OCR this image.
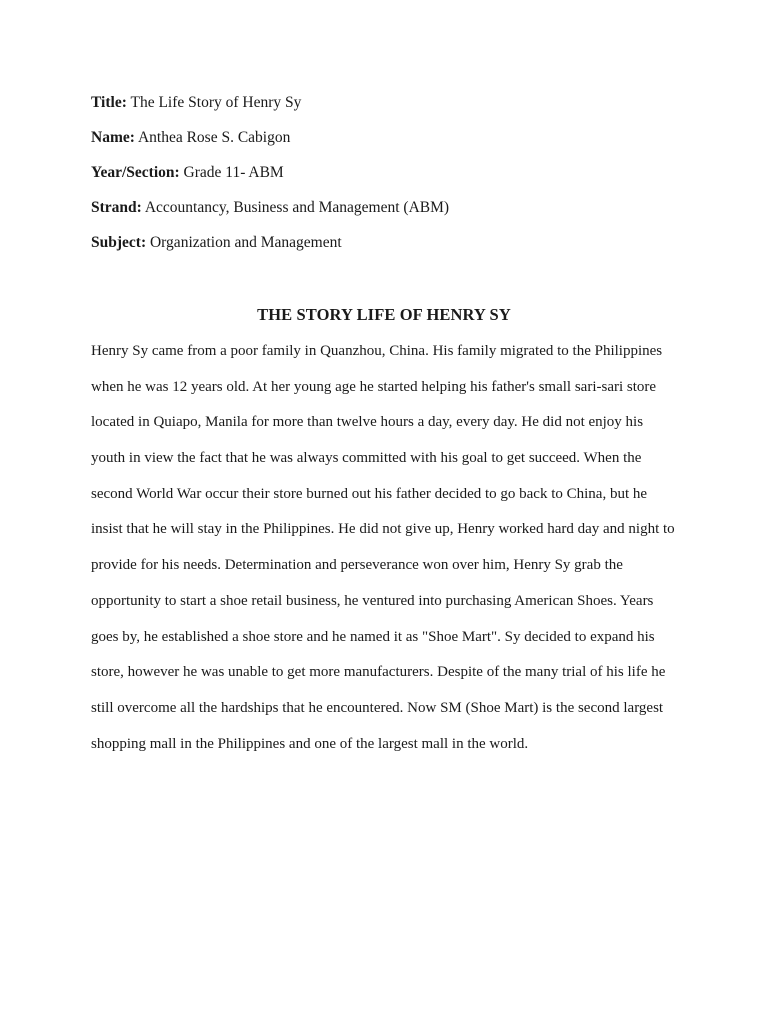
Title: The Life Story of Henry Sy
Name: Anthea Rose S. Cabigon
Year/Section: Grade 11- ABM
Strand: Accountancy, Business and Management (ABM)
Subject: Organization and Management
THE STORY LIFE OF HENRY SY
Henry Sy came from a poor family in Quanzhou, China. His family migrated to the Philippines
when he was 12 years old. At her young age he started helping his father's small sari-sari store
located in Quiapo, Manila for more than twelve hours a day, every day. He did not enjoy his
youth in view the fact that he was always committed with his goal to get succeed. When the
second World War occur their store burned out his father decided to go back to China, but he
insist that he will stay in the Philippines. He did not give up, Henry worked hard day and night to
provide for his needs. Determination and perseverance won over him, Henry Sy grab the
opportunity to start a shoe retail business, he ventured into purchasing American Shoes. Years
goes by, he established a shoe store and he named it as "Shoe Mart". Sy decided to expand his
store, however he was unable to get more manufacturers. Despite of the many trial of his life he
still overcome all the hardships that he encountered. Now SM (Shoe Mart) is the second largest
shopping mall in the Philippines and one of the largest mall in the world.
